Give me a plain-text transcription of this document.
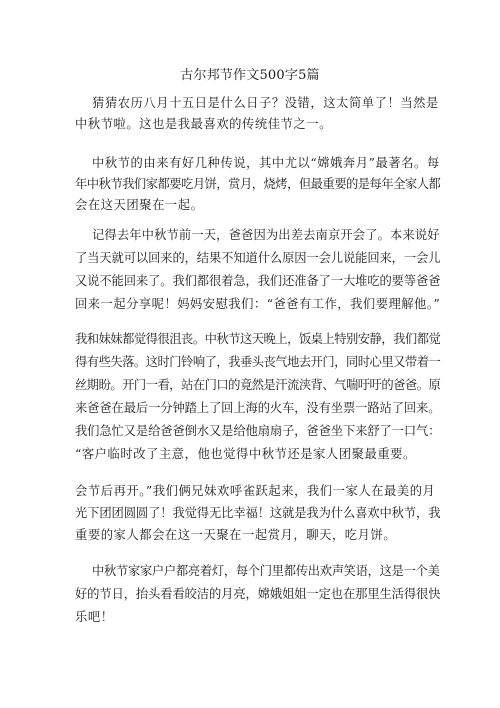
古尔邦节作文500字5篇
猜猜农历八月十五日是什么日子？没错，这太简单了！当然是
中秋节啦。这也是我最喜欢的传统佳节之一。
中秋节的由来有好几种传说，其中尤以“嫦娥奔月”最著名。每
年中秋节我们家都要吃月饼，赏月，烧烤，但最重要的是每年全家人都
会在这天团聚在一起。
记得去年中秋节前一天，爸爸因为出差去南京开会了。本来说好
了当天就可以回来的，结果不知道什么原因一会儿说能回来，一会儿
又说不能回来了。我们都很着急，我们还准备了一大堆吃的要等爸爸
回来一起分享呢！妈妈安慰我们：“爸爸有工作，我们要理解他。”
我和妹妹都觉得很沮丧。中秋节这天晚上，饭桌上特别安静，我们都觉
得有些失落。这时门铃响了，我垂头丧气地去开门，同时心里又带着一
丝期盼。开门一看，站在门口的竟然是汗流浃背、气喘吁吁的爸爸。原
来爸爸在最后一分钟踏上了回上海的火车，没有坐票一路站了回来。
我们急忙又是给爸爸倒水又是给他扇扇子，爸爸坐下来舒了一口气：
“客户临时改了主意，他也觉得中秋节还是家人团聚最重要。
会节后再开。”我们俩兄妹欢呼雀跃起来，我们一家人在最美的月
光下团团圆圆了！我觉得无比幸福！这就是我为什么喜欢中秋节，我
重要的家人都会在这一天聚在一起赏月，聊天，吃月饼。
中秋节家家户户都亮着灯，每个门里都传出欢声笑语，这是一个美
好的节日，抬头看看皎洁的月亮，嫦娥姐姐一定也在那里生活得很快
乐吧！
